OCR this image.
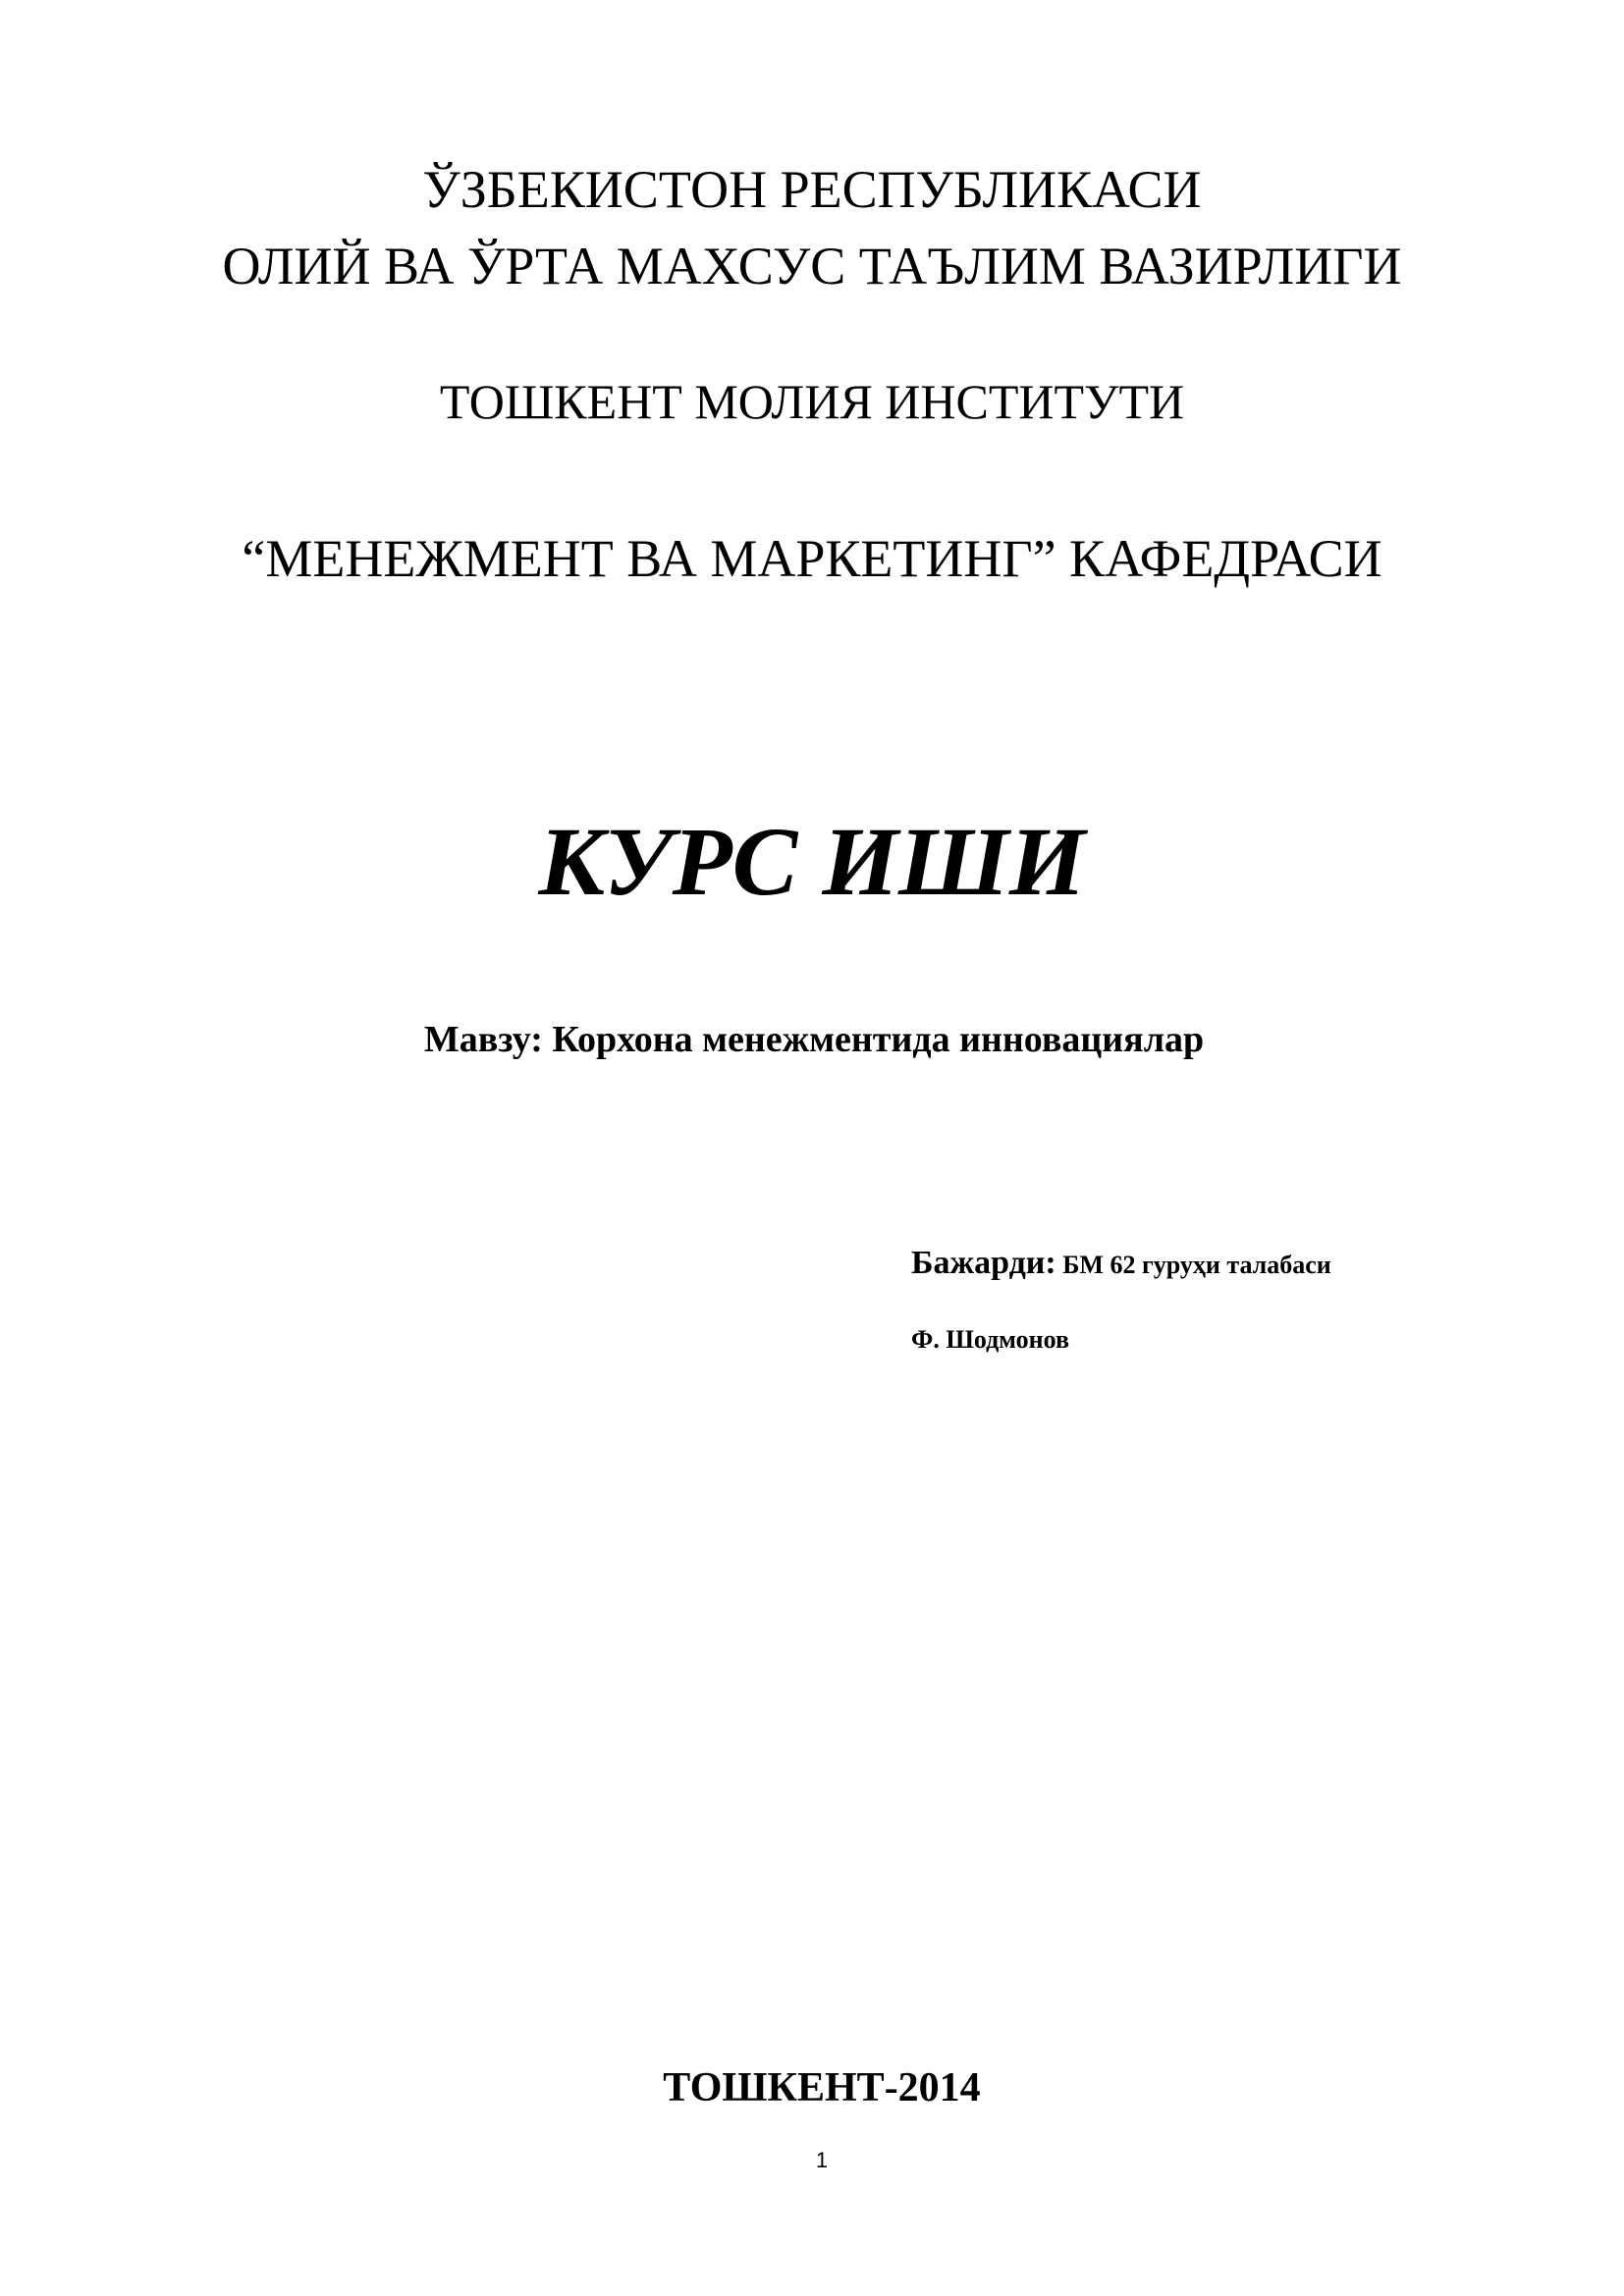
ЎЗБЕКИСТОН РЕСПУБЛИКАСИ
ОЛИЙ ВА ЎРТА МАХСУС ТАЪЛИМ ВАЗИРЛИГИ
ТОШКЕНТ МОЛИЯ ИНСТИТУТИ
“МЕНЕЖМЕНТ ВА МАРКЕТИНГ” КАФЕДРАСИ
КУРС ИШИ
Мавзу: Корхона менежментида инновациялар
Бажарди: БМ 62 гуруҳи талабаси
Ф. Шодмонов
ТОШКЕНТ-2014
1
